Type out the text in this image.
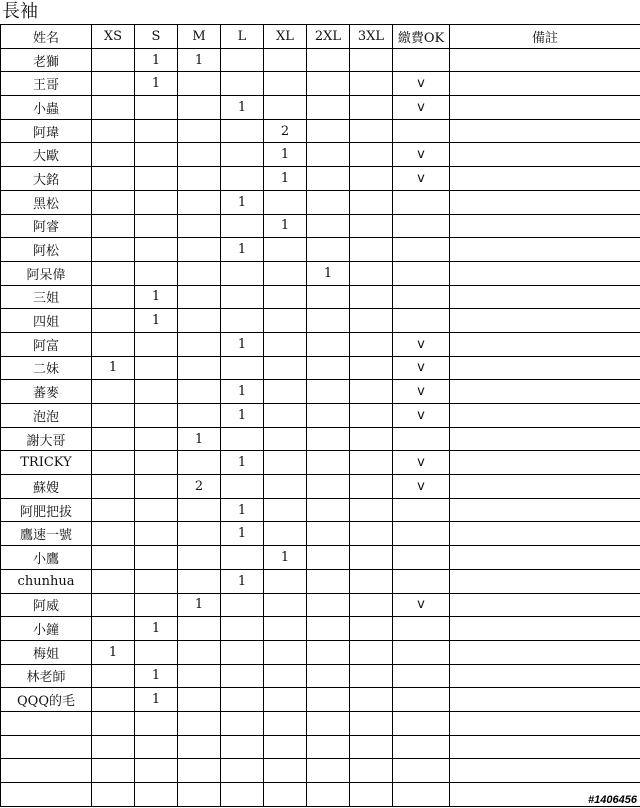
長袖
姓名	XS	S	M	L	XL	2XL	3XL	繳費OK	備註
老獅		1	1						
王哥		1						v	
小蟲				1				v	
阿瑋					2				
大歐					1			v	
大銘					1			v	
黑松				1					
阿睿					1				
阿松				1					
阿呆偉						1			
三姐		1							
四姐		1							
阿富				1				v	
二妹	1							v	
蕃麥				1				v	
泡泡				1				v	
謝大哥			1						
TRICKY				1				v	
蘇嫂			2					v	
阿肥把拔				1					
鷹速一號				1					
小鷹					1				
chunhua				1					
阿威			1					v	
小鐘		1							
梅姐	1								
林老師		1							
QQQ的毛		1							

#1406456
